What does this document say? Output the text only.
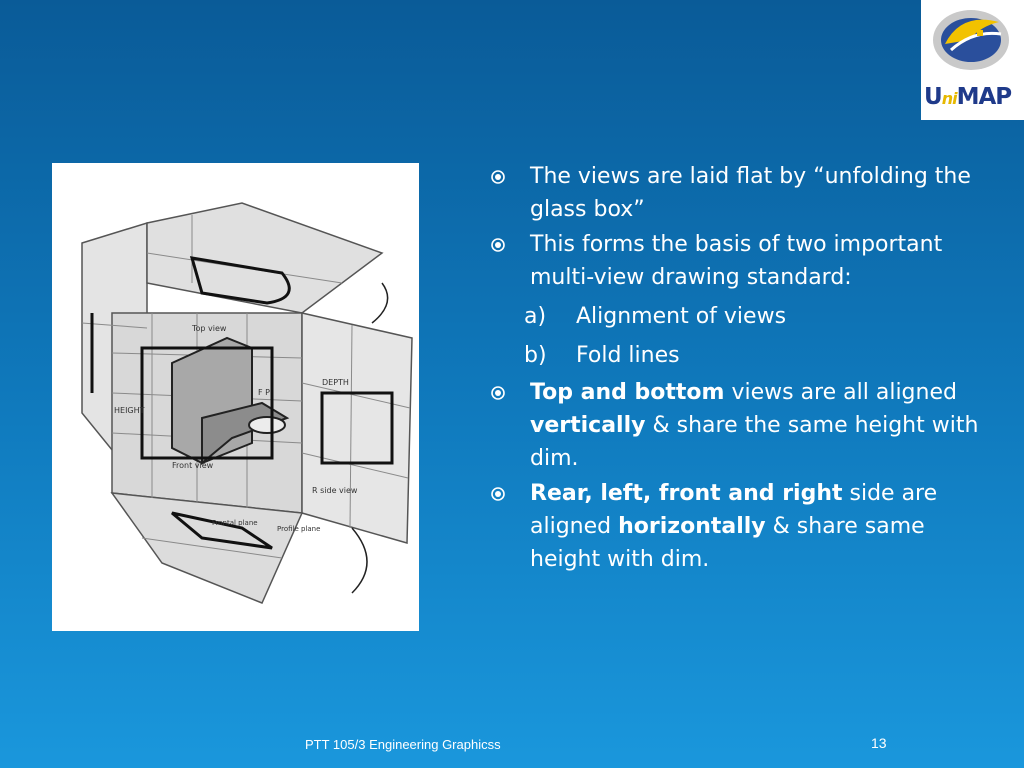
UniMAP
Front view
R side view
Top view
HEIGHT
DEPTH
F P
Frontal plane
Profile plane
The views are laid flat by “unfolding the glass box”
This forms the basis of two important multi-view drawing standard:
a) Alignment of views
b) Fold lines
Top and bottom views are all aligned vertically & share the same height with dim.
Rear, left, front and right side are aligned horizontally & share same height with dim.
PTT 105/3 Engineering Graphicss	13
